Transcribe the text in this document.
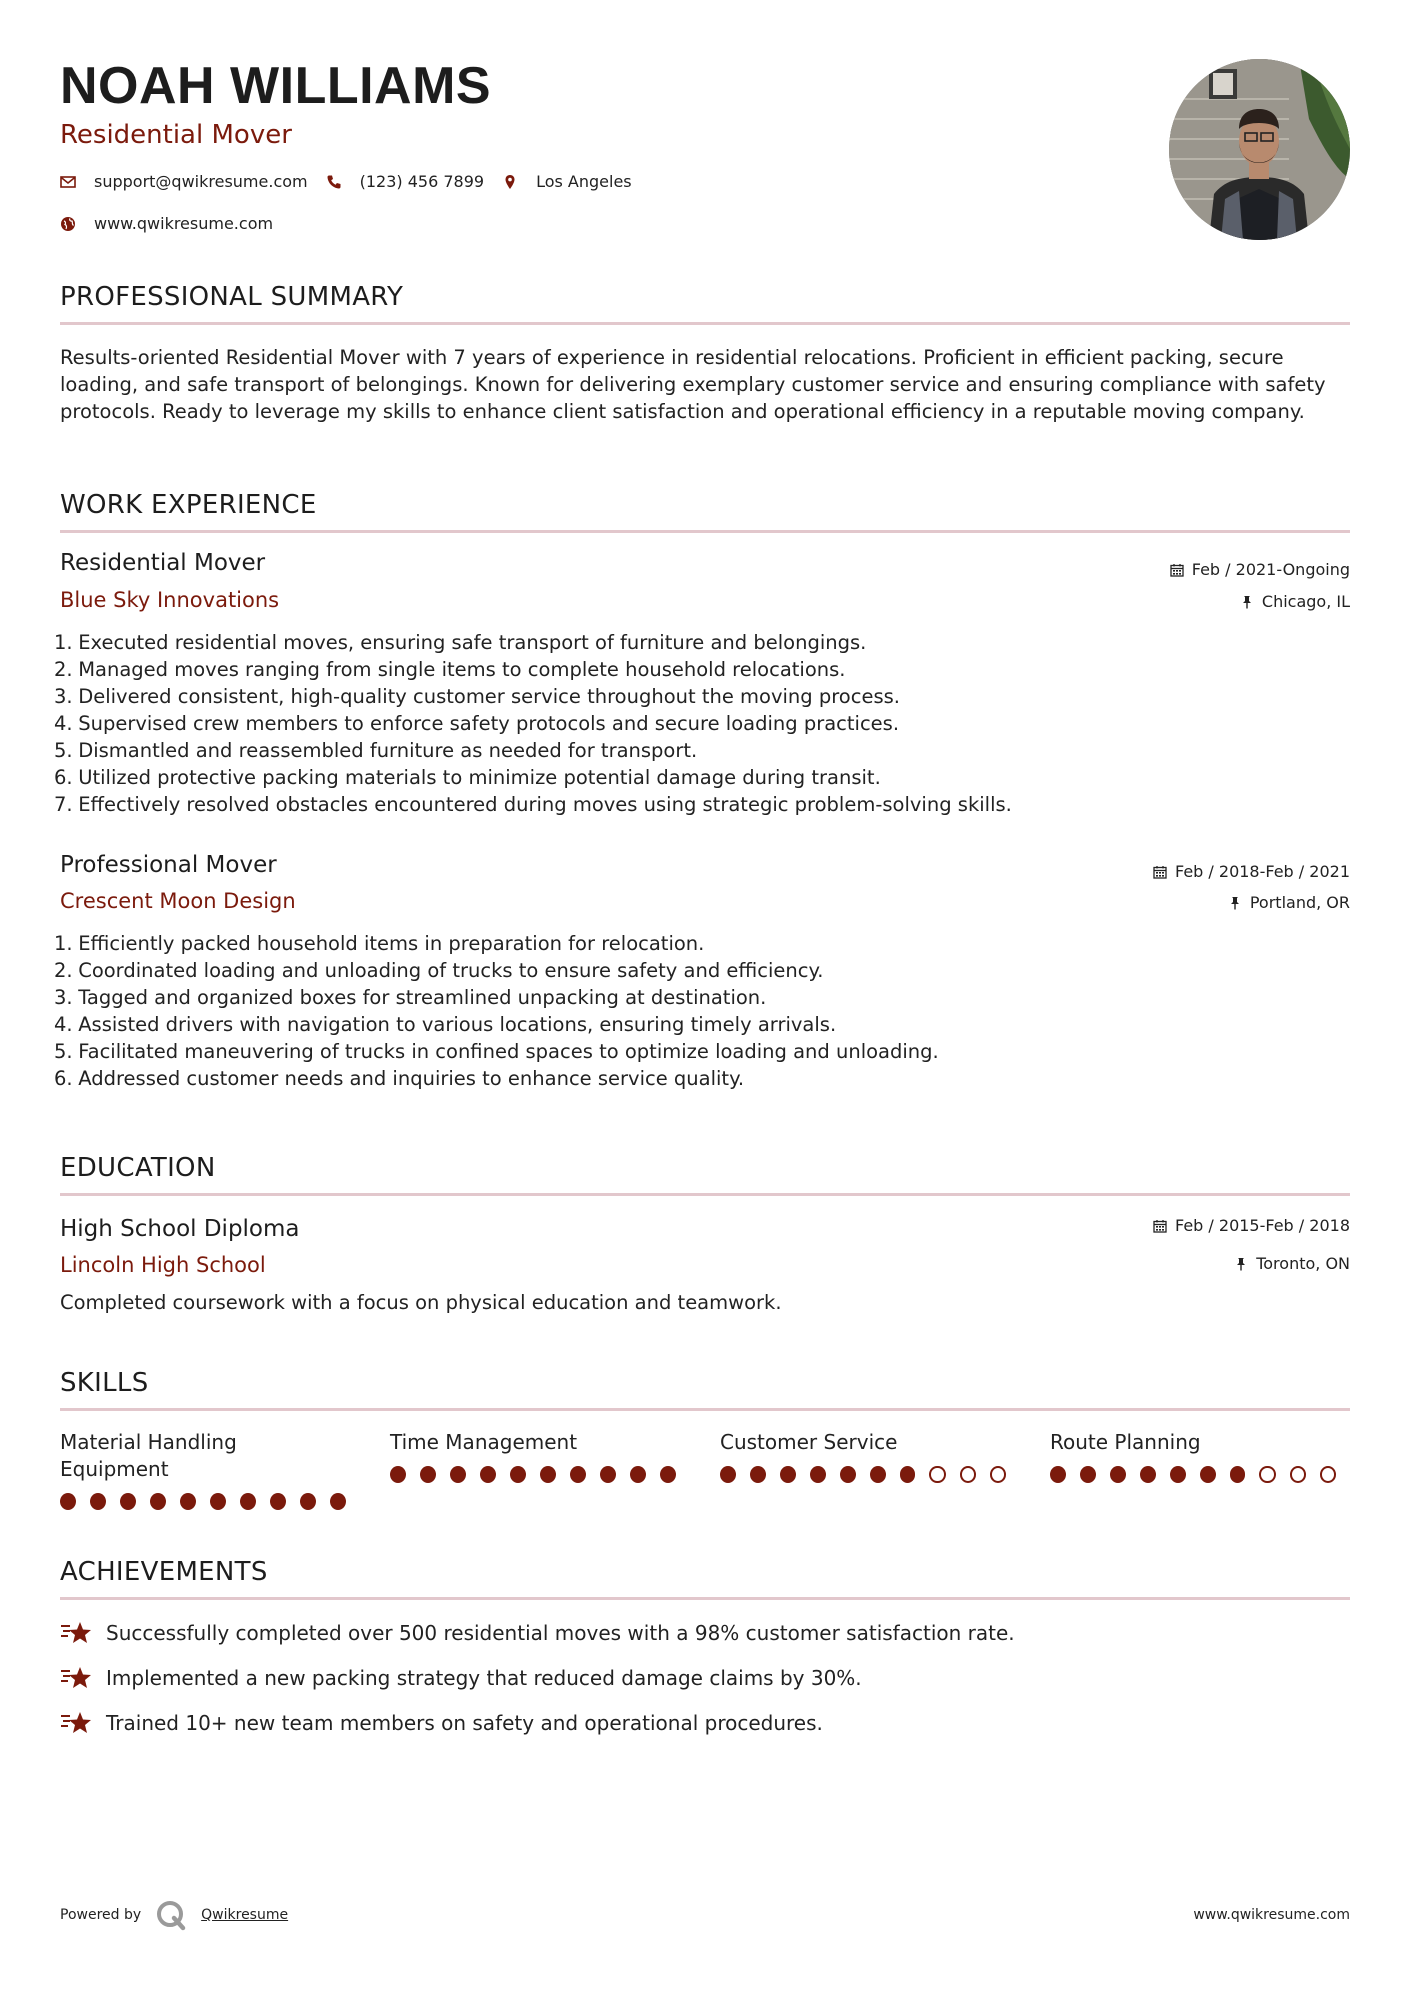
NOAH WILLIAMS

Residential Mover

support@qwikresume.com	(123) 456 7899	Los Angeles
www.qwikresume.com
PROFESSIONAL SUMMARY

Results-oriented Residential Mover with 7 years of experience in residential relocations. Proficient in efficient packing, secure loading, and safe transport of belongings. Known for delivering exemplary customer service and ensuring compliance with safety protocols. Ready to leverage my skills to enhance client satisfaction and operational efficiency in a reputable moving company.

WORK EXPERIENCE

Residential Mover

Blue Sky Innovations

Feb / 2021-Ongoing
Chicago, IL
1. Executed residential moves, ensuring safe transport of furniture and belongings.
2. Managed moves ranging from single items to complete household relocations.
3. Delivered consistent, high-quality customer service throughout the moving process.
4. Supervised crew members to enforce safety protocols and secure loading practices.
5. Dismantled and reassembled furniture as needed for transport.
6. Utilized protective packing materials to minimize potential damage during transit.
7. Effectively resolved obstacles encountered during moves using strategic problem-solving skills.

Professional Mover

Crescent Moon Design

Feb / 2018-Feb / 2021
Portland, OR
1. Efficiently packed household items in preparation for relocation.
2. Coordinated loading and unloading of trucks to ensure safety and efficiency.
3. Tagged and organized boxes for streamlined unpacking at destination.
4. Assisted drivers with navigation to various locations, ensuring timely arrivals.
5. Facilitated maneuvering of trucks in confined spaces to optimize loading and unloading.
6. Addressed customer needs and inquiries to enhance service quality.
EDUCATION

High School Diploma

Lincoln High School

Feb / 2015-Feb / 2018
Toronto, ON

Completed coursework with a focus on physical education and teamwork.

SKILLS

Material Handling Equipment

Time Management	Customer Service	Route Planning

ACHIEVEMENTS
Successfully completed over 500 residential moves with a 98% customer satisfaction rate.
Implemented a new packing strategy that reduced damage claims by 30%.
Trained 10+ new team members on safety and operational procedures.
Powered by	Qwikresume	www.qwikresume.com
